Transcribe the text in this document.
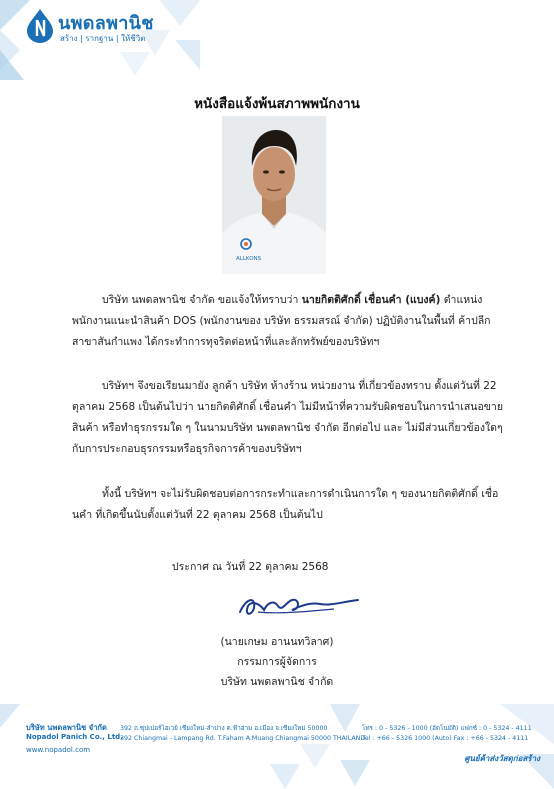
นพดลพานิช
สร้าง | รากฐาน | ให้ชีวิต
หนังสือแจ้งพ้นสภาพพนักงาน
ALLKONS
บริษัท นพดลพานิช จำกัด ขอแจ้งให้ทราบว่า นายกิตติศักดิ์ เชื่อนคำ (แบงค์) ตำแหน่ง พนักงานแนะนำสินค้า DOS (พนักงานของ บริษัท ธรรมสรณ์ จำกัด) ปฏิบัติงานในพื้นที่ ค้าปลีกสาขาสันกำแพง ได้กระทำการทุจริตต่อหน้าที่และลักทรัพย์ของบริษัทฯ
บริษัทฯ จึงขอเรียนมายัง ลูกค้า บริษัท ห้างร้าน หน่วยงาน ที่เกี่ยวข้องทราบ ตั้งแต่วันที่ 22 ตุลาคม 2568 เป็นต้นไปว่า นายกิตติศักดิ์ เชื่อนคำ ไม่มีหน้าที่ความรับผิดชอบในการนำเสนอขายสินค้า หรือทำธุรกรรมใด ๆ ในนามบริษัท นพดลพานิช จำกัด อีกต่อไป และ ไม่มีส่วนเกี่ยวข้องใดๆ กับการประกอบธุรกรรมหรือธุรกิจการค้าของบริษัทฯ
ทั้งนี้ บริษัทฯ จะไม่รับผิดชอบต่อการกระทำและการดำเนินการใด ๆ ของนายกิตติศักดิ์ เชื่อนคำ ที่เกิดขึ้นนับตั้งแต่วันที่ 22 ตุลาคม 2568 เป็นต้นไป
ประกาศ ณ วันที่ 22 ตุลาคม 2568
(นายเกษม อานนทวิลาศ)
กรรมการผู้จัดการ
บริษัท นพดลพานิช จำกัด
บริษัท นพดลพานิช จำกัด
Nopadol Panich Co., Ltd.
www.nopadol.com
392 ถ.ซุปเปอร์ไฮเวย์ เชียงใหม่-ลำปาง ต.ฟ้าฮ่าม อ.เมือง จ.เชียงใหม่ 50000
392 Chiangmai - Lampang Rd. T.Faham A.Muang Chiangmai 50000 THAILAND
โทร : 0 - 5326 - 1000 (อัตโนมัติ) แฟกซ์ : 0 - 5324 - 4111
Tel : +66 - 5326 1000 (Auto) Fax : +66 - 5324 - 4111
ศูนย์ค้าส่งวัสดุก่อสร้าง
